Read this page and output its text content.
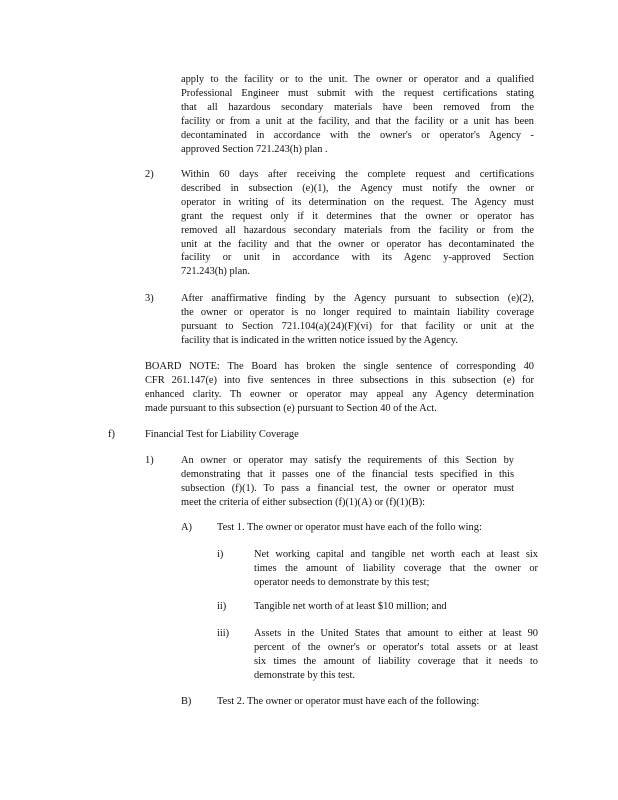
apply to the facility or to the unit. The owner or operator and a qualified
Professional Engineer must submit with the request certifications stating
that all hazardous secondary materials have been removed from the
facility or from a unit at the facility, and that the facility or a unit has been
decontaminated in accordance with the owner's or operator's Agency -
approved Section 721.243(h) plan .
2)	Within 60 days after receiving the complete request and certifications
described in subsection (e)(1), the Agency must notify the owner or
operator in writing of its determination on the request. The Agency must
grant the request only if it determines that the owner or operator has
removed all hazardous secondary materials from the facility or from the
unit at the facility and that the owner or operator has decontaminated the
facility or unit in accordance with its Agenc y-approved Section
721.243(h) plan.
3)	After anaffirmative finding by the Agency pursuant to subsection (e)(2),
the owner or operator is no longer required to maintain liability coverage
pursuant to Section 721.104(a)(24)(F)(vi) for that facility or unit at the
facility that is indicated in the written notice issued by the Agency.
BOARD NOTE: The Board has broken the single sentence of corresponding 40
CFR 261.147(e) into five sentences in three subsections in this subsection (e) for
enhanced clarity. Th eowner or operator may appeal any Agency determination
made pursuant to this subsection (e) pursuant to Section 40 of the Act.
f)	Financial Test for Liability Coverage
1)	An owner or operator may satisfy the requirements of this Section by
demonstrating that it passes one of the financial tests specified in this
subsection (f)(1). To pass a financial test, the owner or operator must
meet the criteria of either subsection (f)(1)(A) or (f)(1)(B):
A) Test 1. The owner or operator must have each of the follo wing:
i)	Net working capital and tangible net worth each at least six
times the amount of liability coverage that the owner or
operator needs to demonstrate by this test;
ii)	Tangible net worth of at least $10 million; and
iii) Assets in the United States that amount to either at least 90
percent of the owner's or operator's total assets or at least
six times the amount of liability coverage that it needs to
demonstrate by this test.
B) Test 2. The owner or operator must have each of the following:
